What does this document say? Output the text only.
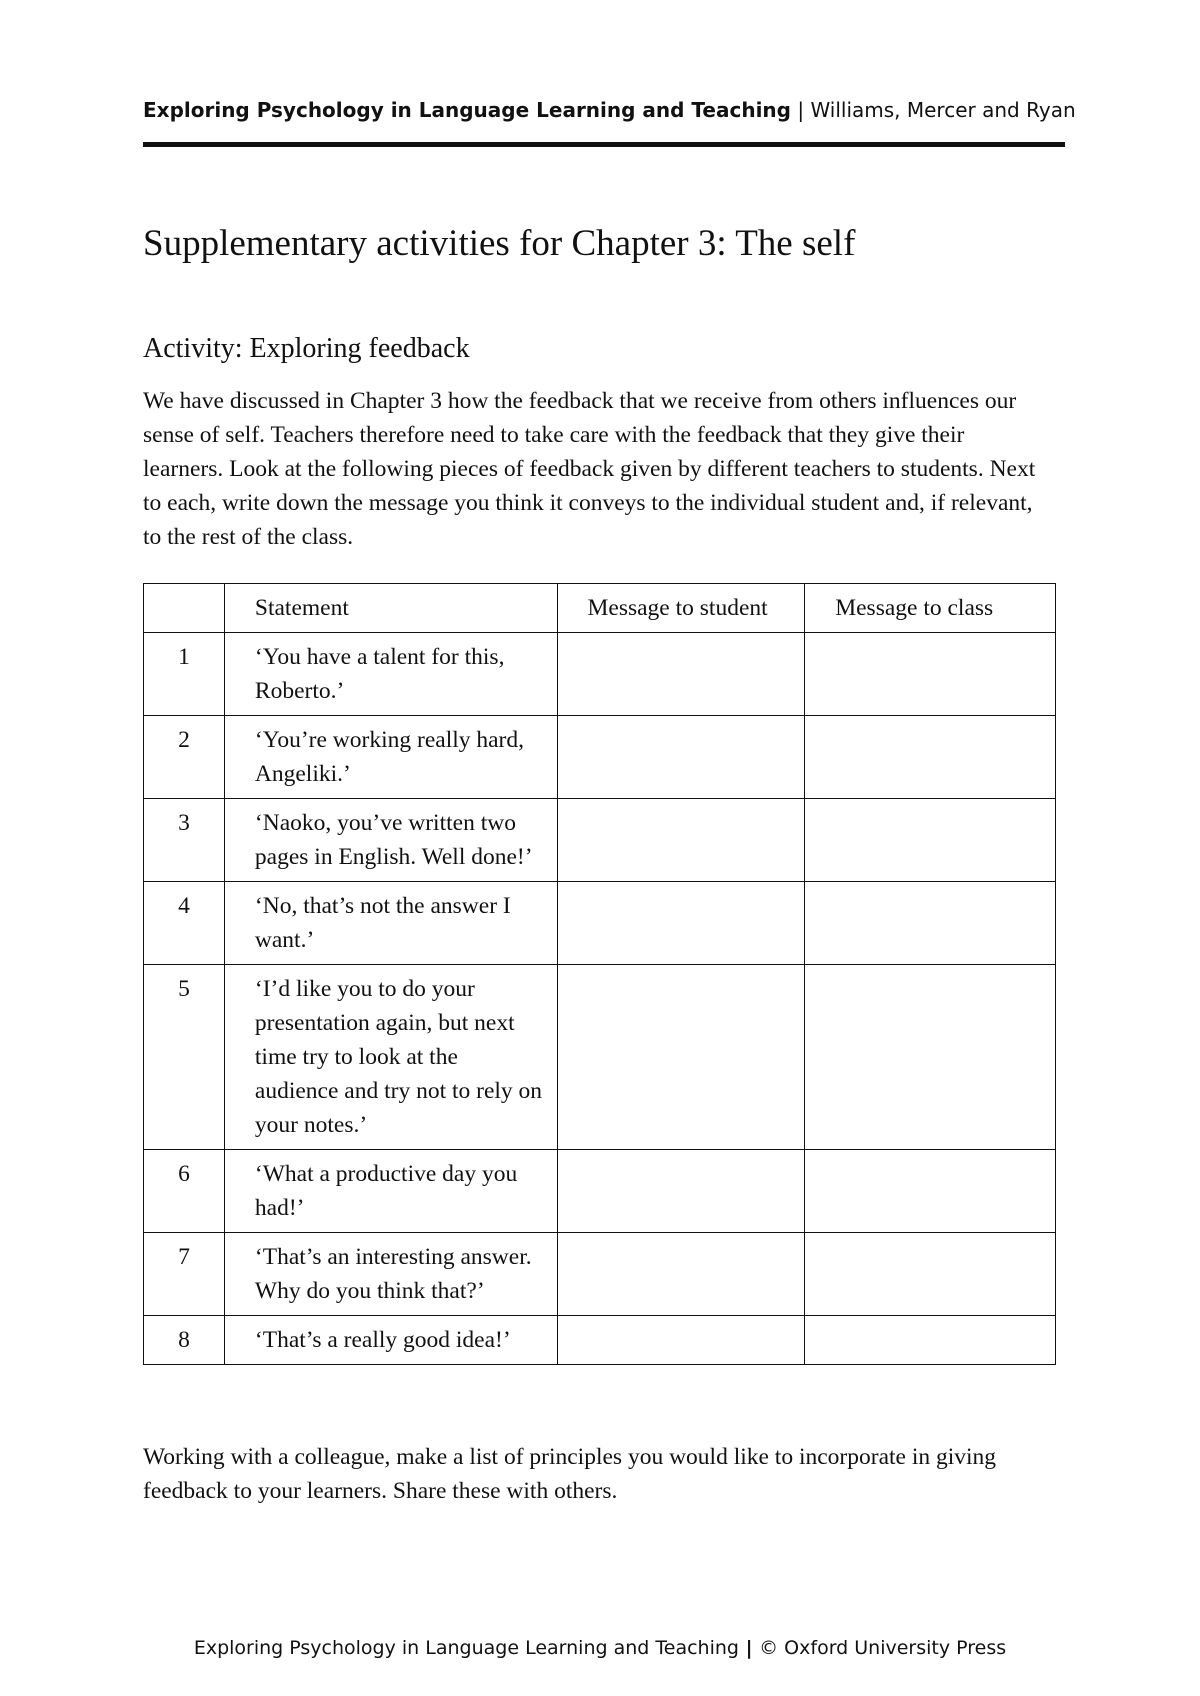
Exploring Psychology in Language Learning and Teaching | Williams, Mercer and Ryan
Supplementary activities for Chapter 3: The self
Activity: Exploring feedback

We have discussed in Chapter 3 how the feedback that we receive from others influences our sense of self. Teachers therefore need to take care with the feedback that they give their learners. Look at the following pieces of feedback given by different teachers to students. Next to each, write down the message you think it conveys to the individual student and, if relevant, to the rest of the class.

	Statement	Message to student	Message to class
1	‘You have a talent for this, Roberto.’		
2	‘You’re working really hard, Angeliki.’		
3	‘Naoko, you’ve written two pages in English. Well done!’		
4	‘No, that’s not the answer I want.’		
5	‘I’d like you to do your presentation again, but next time try to look at the audience and try not to rely on your notes.’		
6	‘What a productive day you had!’		
7	‘That’s an interesting answer. Why do you think that?’		
8	‘That’s a really good idea!’		

Working with a colleague, make a list of principles you would like to incorporate in giving feedback to your learners. Share these with others.

Exploring Psychology in Language Learning and Teaching | © Oxford University Press
